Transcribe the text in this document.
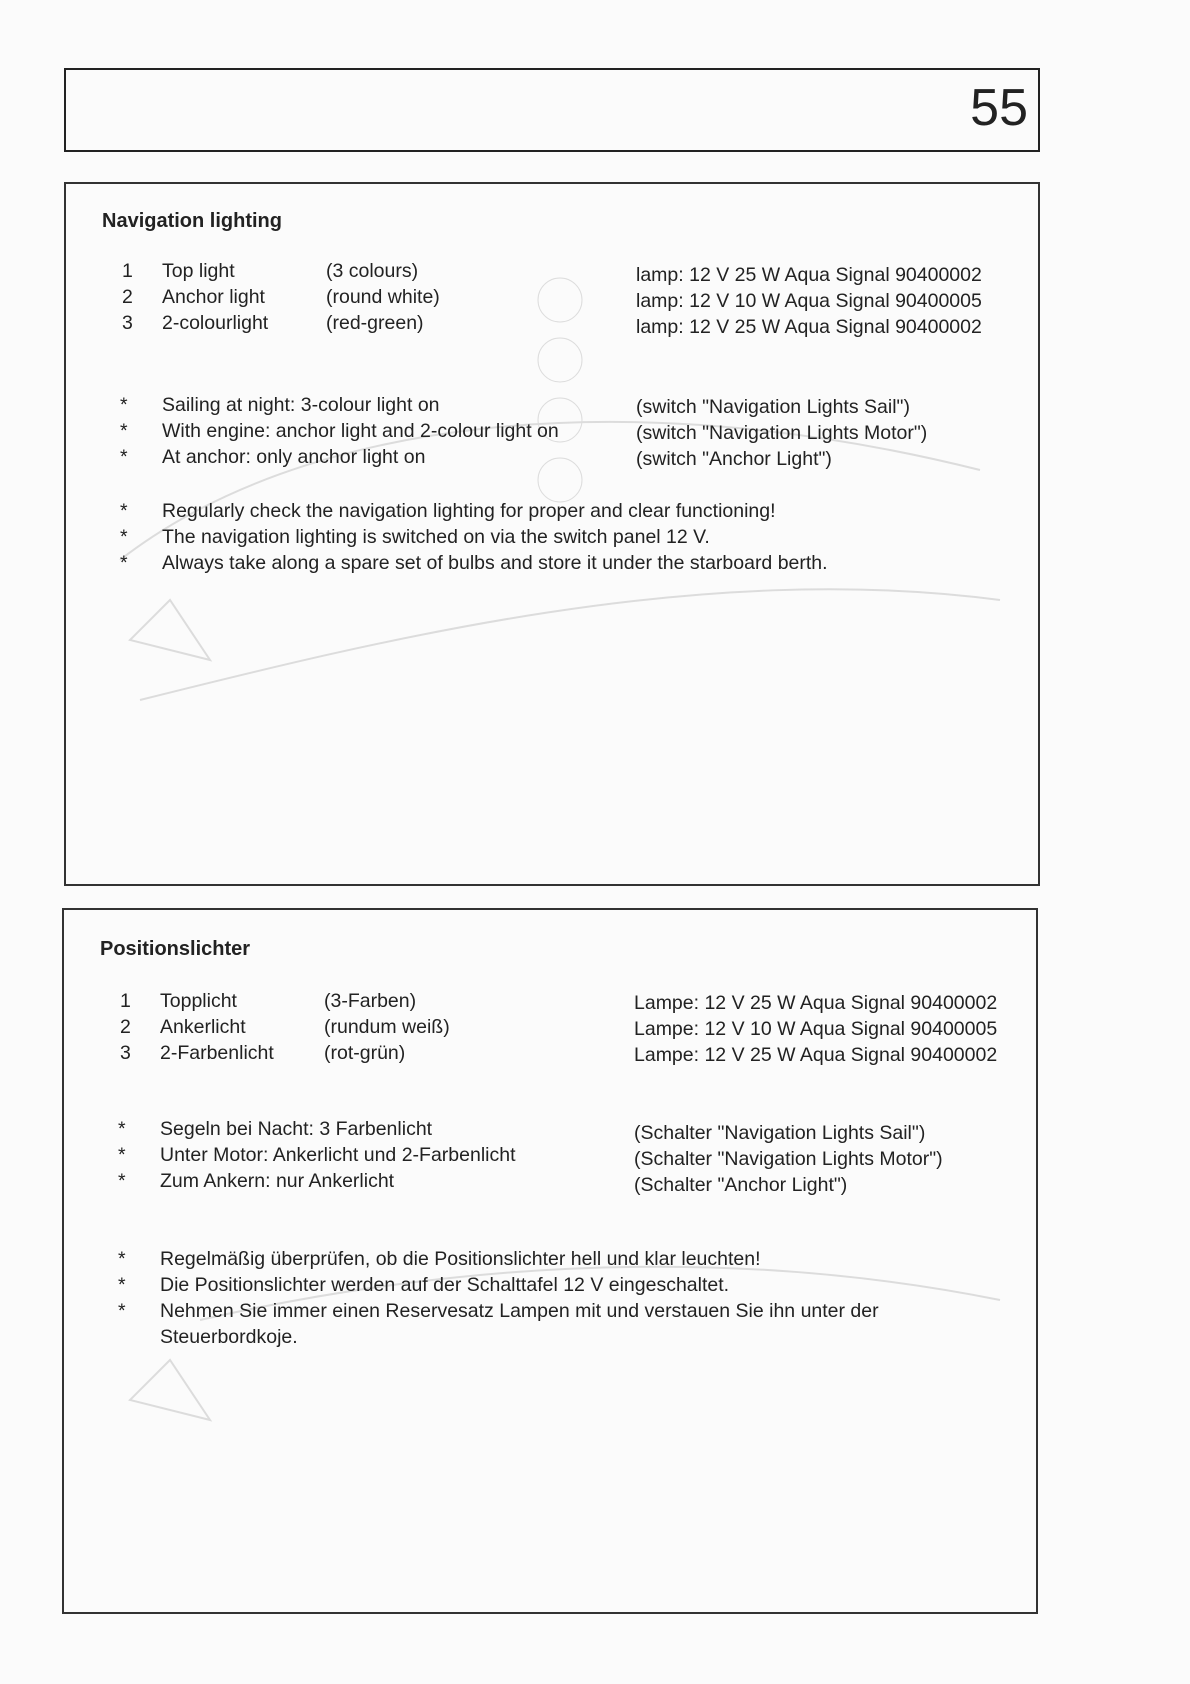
55
Navigation lighting
1 Top light	(3 colours)	lamp: 12 V 25 W Aqua Signal 90400002
2 Anchor light	(round white)	lamp: 12 V 10 W Aqua Signal 90400005
3 2-colourlight	(red-green)	lamp: 12 V 25 W Aqua Signal 90400002
* Sailing at night: 3-colour light on	(switch "Navigation Lights Sail")
* With engine: anchor light and 2-colour light on	(switch "Navigation Lights Motor")
* At anchor: only anchor light on	(switch "Anchor Light")
* Regularly check the navigation lighting for proper and clear functioning!
* The navigation lighting is switched on via the switch panel 12 V.
* Always take along a spare set of bulbs and store it under the starboard berth.
Positionslichter
1 Topplicht	(3-Farben)	Lampe: 12 V 25 W Aqua Signal 90400002
2 Ankerlicht	(rundum weiß)	Lampe: 12 V 10 W Aqua Signal 90400005
3 2-Farbenlicht	(rot-grün)	Lampe: 12 V 25 W Aqua Signal 90400002
* Segeln bei Nacht: 3 Farbenlicht	(Schalter "Navigation Lights Sail")
* Unter Motor: Ankerlicht und 2-Farbenlicht	(Schalter "Navigation Lights Motor")
* Zum Ankern: nur Ankerlicht	(Schalter "Anchor Light")
* Regelmäßig überprüfen, ob die Positionslichter hell und klar leuchten!
* Die Positionslichter werden auf der Schalttafel 12 V eingeschaltet.
* Nehmen Sie immer einen Reservesatz Lampen mit und verstauen Sie ihn unter der Steuerbordkoje.
